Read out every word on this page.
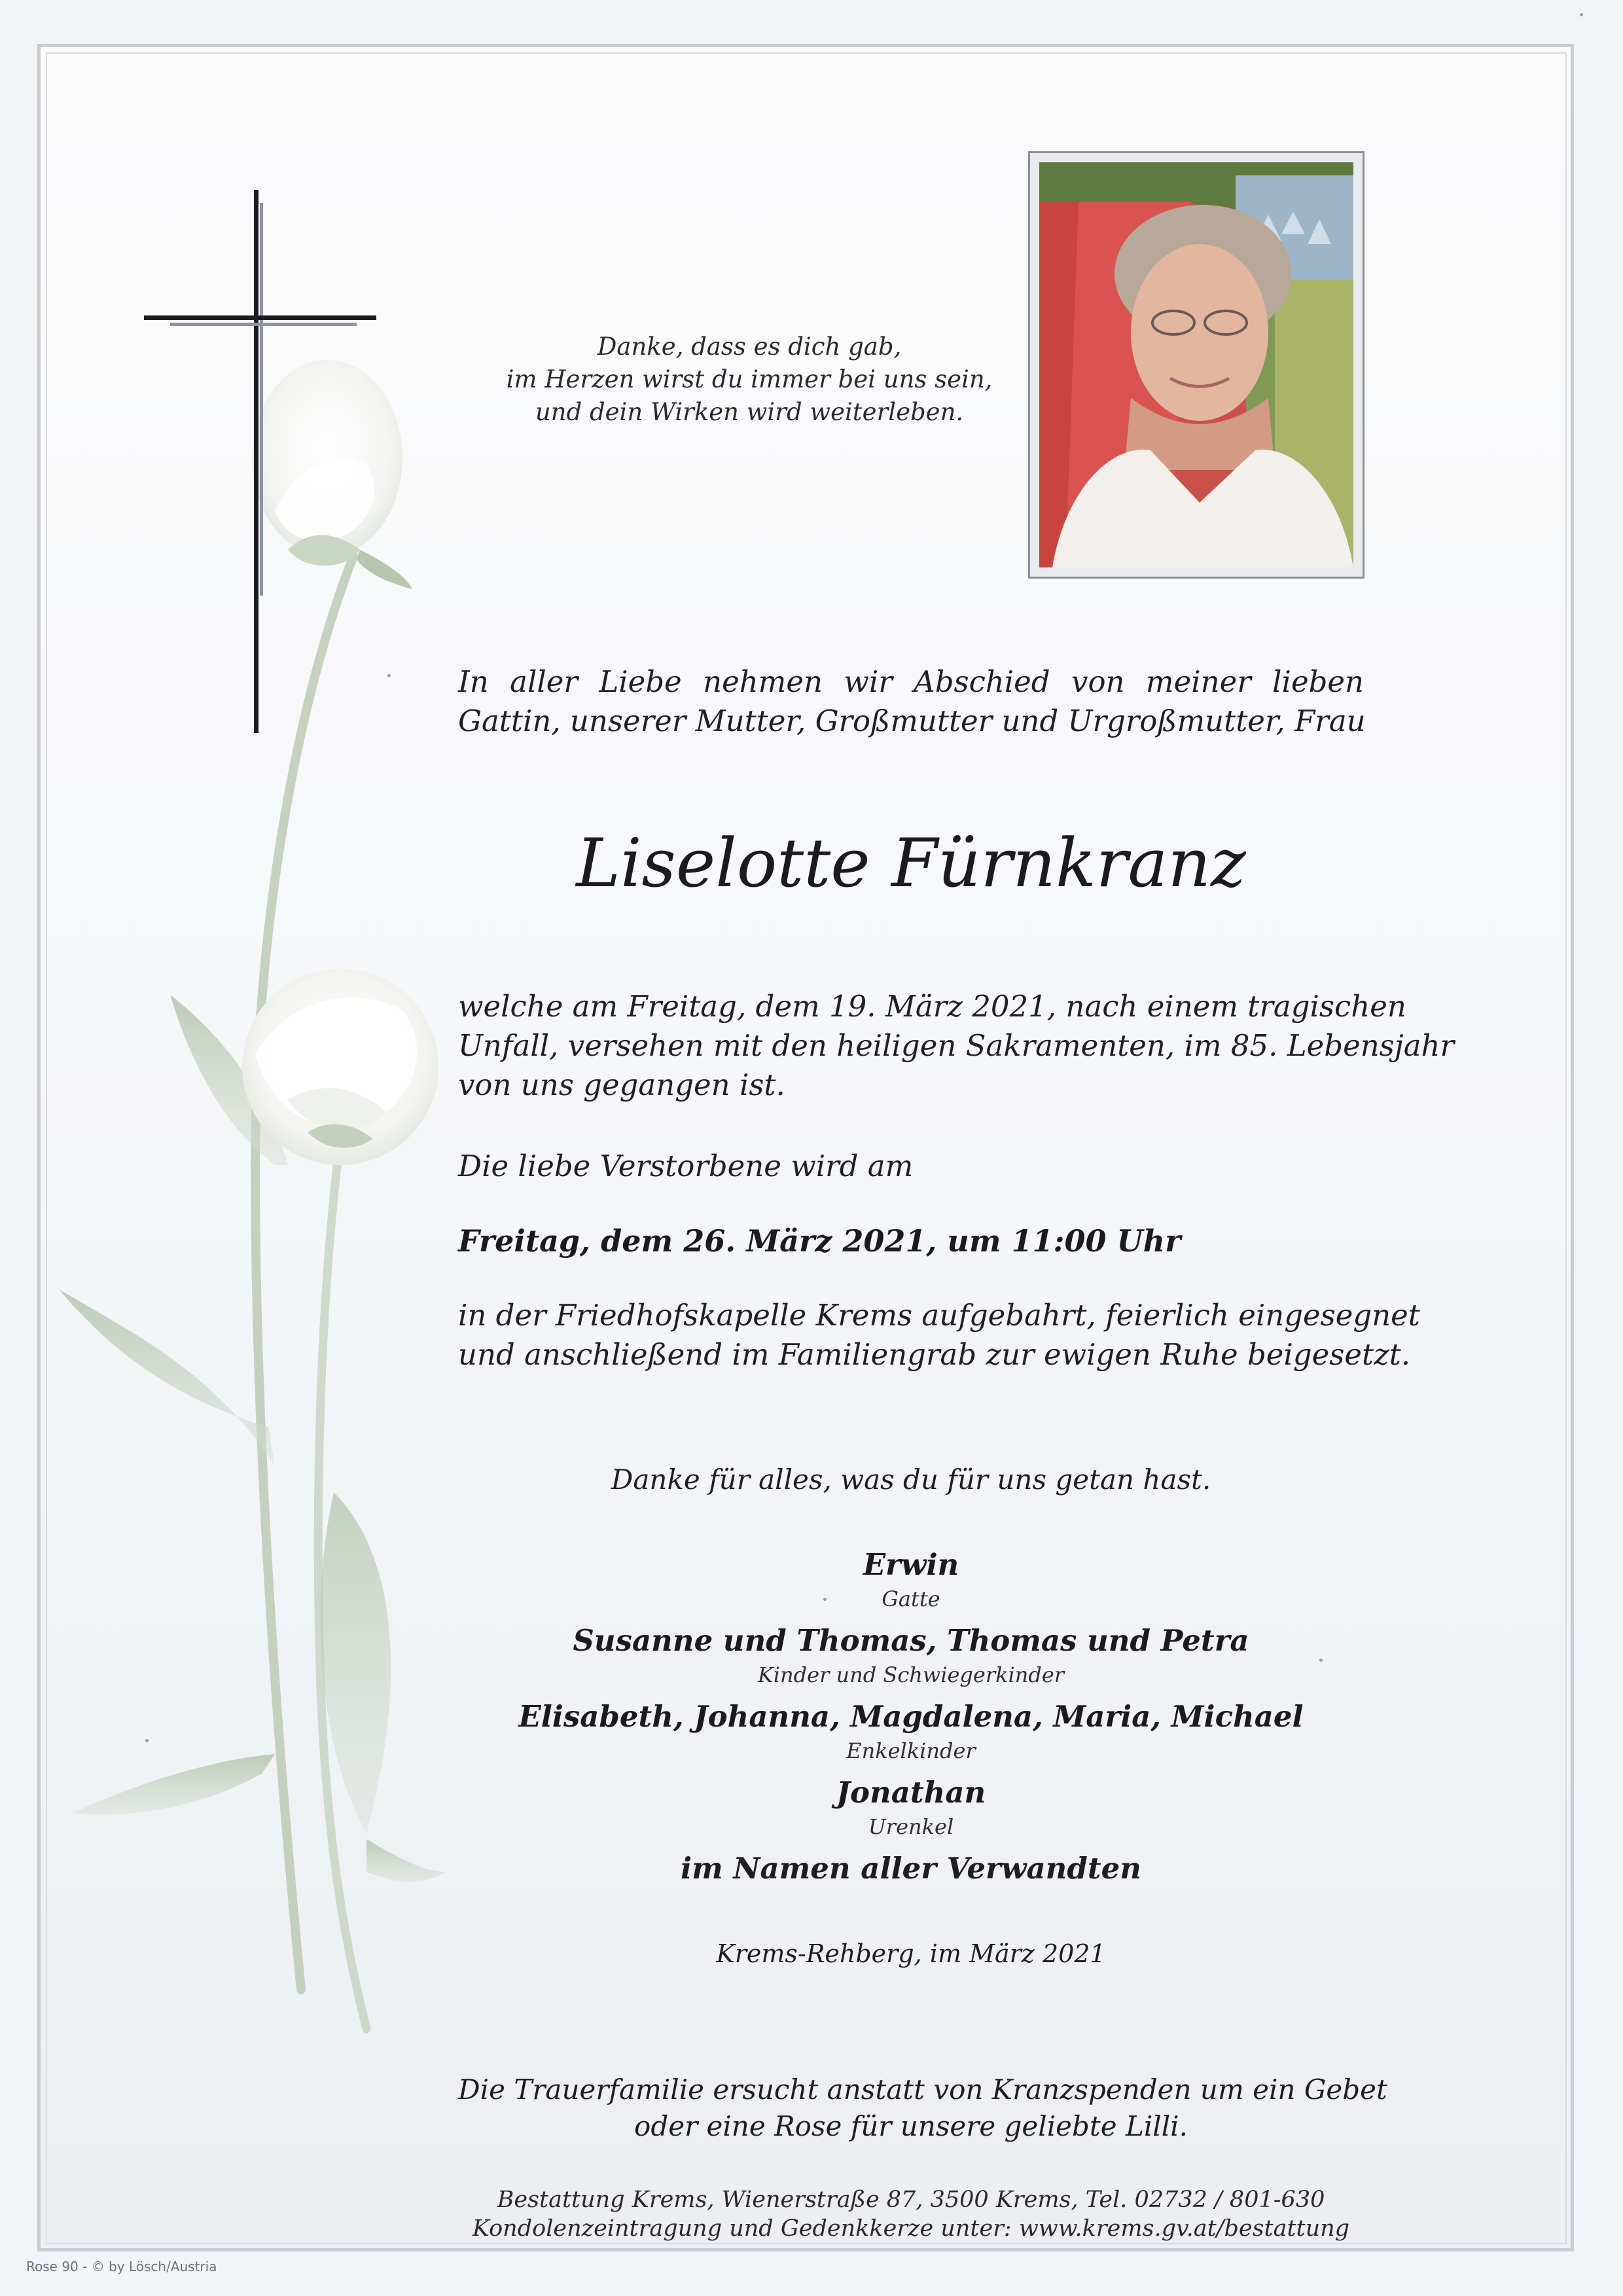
Danke, dass es dich gab,
im Herzen wirst du immer bei uns sein,
und dein Wirken wird weiterleben.
In aller Liebe nehmen wir Abschied von meiner lieben
Gattin, unserer Mutter, Großmutter und Urgroßmutter, Frau
Liselotte Fürnkranz
welche am Freitag, dem 19. März 2021, nach einem tragischen
Unfall, versehen mit den heiligen Sakramenten, im 85. Lebensjahr
von uns gegangen ist.
Die liebe Verstorbene wird am
Freitag, dem 26. März 2021, um 11:00 Uhr
in der Friedhofskapelle Krems aufgebahrt, feierlich eingesegnet
und anschließend im Familiengrab zur ewigen Ruhe beigesetzt.
Danke für alles, was du für uns getan hast.
Erwin
Gatte
Susanne und Thomas, Thomas und Petra
Kinder und Schwiegerkinder
Elisabeth, Johanna, Magdalena, Maria, Michael
Enkelkinder
Jonathan
Urenkel
im Namen aller Verwandten
Krems-Rehberg, im März 2021
Die Trauerfamilie ersucht anstatt von Kranzspenden um ein Gebet
oder eine Rose für unsere geliebte Lilli.
Bestattung Krems, Wienerstraße 87, 3500 Krems, Tel. 02732 / 801-630
Kondolenzeintragung und Gedenkkerze unter: www.krems.gv.at/bestattung
Rose 90 - © by Lösch/Austria
